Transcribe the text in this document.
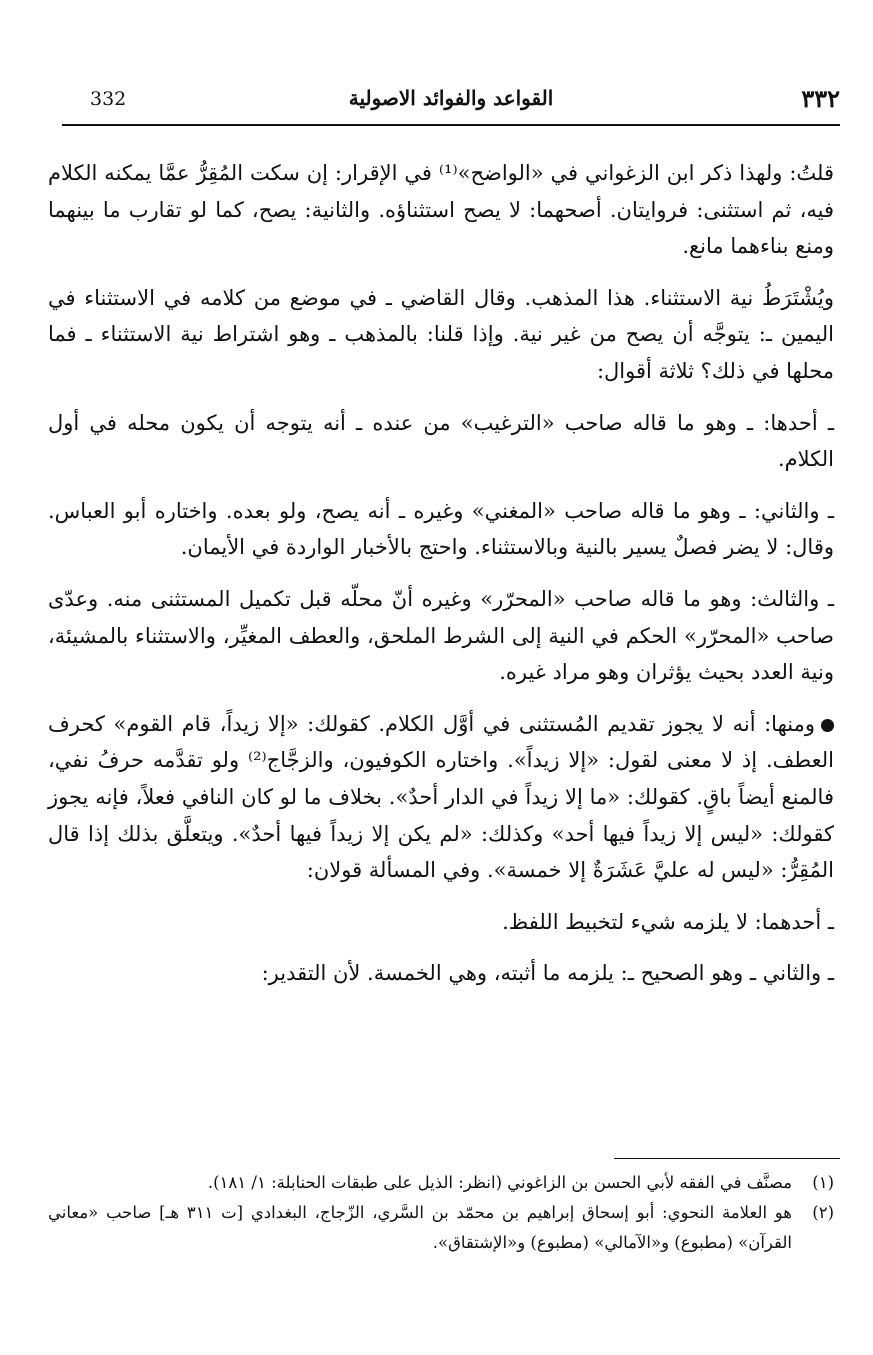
٣٣٢
القواعد والفوائد الاصولية
332

قلتُ: ولهذا ذكر ابن الزغواني في «الواضح»⁽¹⁾ في الإقرار: إن سكت المُقِرُّ عمَّا يمكنه الكلام فيه، ثم استثنى: فروايتان. أصحهما: لا يصح استثناؤه. والثانية: يصح، كما لو تقارب ما بينهما ومنع بناءهما مانع.

ويُشْتَرَطُ نية الاستثناء. هذا المذهب. وقال القاضي ـ في موضع من كلامه في الاستثناء في اليمين ـ: يتوجَّه أن يصح من غير نية. وإذا قلنا: بالمذهب ـ وهو اشتراط نية الاستثناء ـ فما محلها في ذلك؟ ثلاثة أقوال:

ـ أحدها: ـ وهو ما قاله صاحب «الترغيب» من عنده ـ أنه يتوجه أن يكون محله في أول الكلام.

ـ والثاني: ـ وهو ما قاله صاحب «المغني» وغيره ـ أنه يصح، ولو بعده. واختاره أبو العباس. وقال: لا يضر فصلٌ يسير بالنية وبالاستثناء. واحتج بالأخبار الواردة في الأيمان.

ـ والثالث: وهو ما قاله صاحب «المحرّر» وغيره أنّ محلّه قبل تكميل المستثنى منه. وعدّى صاحب «المحرّر» الحكم في النية إلى الشرط الملحق، والعطف المغيِّر، والاستثناء بالمشيئة، ونية العدد بحيث يؤثران وهو مراد غيره.

ومنها: أنه لا يجوز تقديم المُستثنى في أوَّل الكلام. كقولك: «إلا زيداً، قام القوم» كحرف العطف. إذ لا معنى لقول: «إلا زيداً». واختاره الكوفيون، والزجَّاج⁽²⁾ ولو تقدَّمه حرفُ نفي، فالمنع أيضاً باقٍ. كقولك: «ما إلا زيداً في الدار أحدٌ». بخلاف ما لو كان النافي فعلاً، فإنه يجوز كقولك: «ليس إلا زيداً فيها أحد» وكذلك: «لم يكن إلا زيداً فيها أحدٌ». ويتعلَّق بذلك إذا قال المُقِرُّ: «ليس له عليَّ عَشَرَةٌ إلا خمسة». وفي المسألة قولان:

ـ أحدهما: لا يلزمه شيء لتخبيط اللفظ.

ـ والثاني ـ وهو الصحيح ـ: يلزمه ما أثبته، وهي الخمسة. لأن التقدير:

(١)
مصنَّف في الفقه لأبي الحسن بن الزاغوني (انظر: الذيل على طبقات الحنابلة: ١/ ١٨١).
(٢)
هو العلامة النحوي: أبو إسحاق إبراهيم بن محمّد بن السَّري، الزّجاج، البغدادي [ت ٣١١ هـ] صاحب «معاني القرآن» (مطبوع) و«الآمالي» (مطبوع) و«الإشتقاق».
